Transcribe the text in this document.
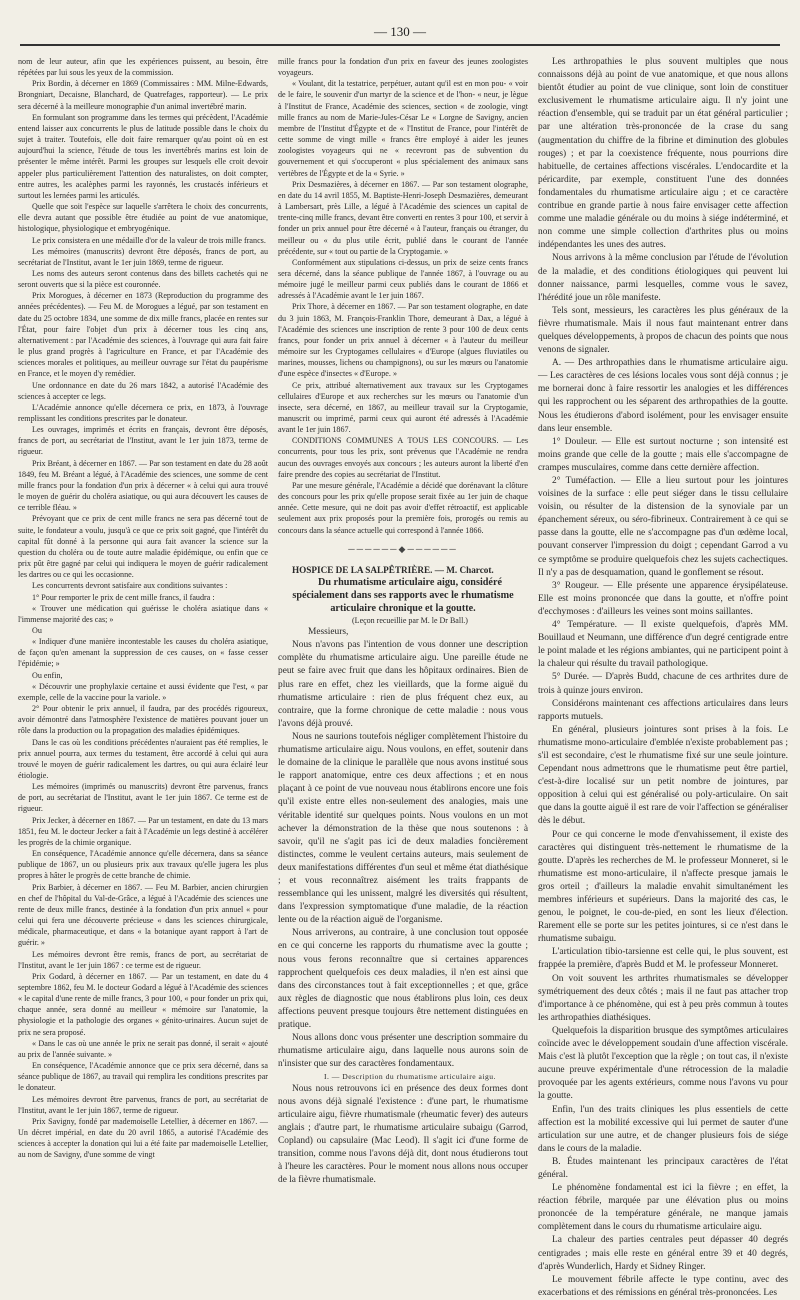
— 130 —

nom de leur auteur, afin que les expériences puissent, au besoin, être répétées par lui sous les yeux de la commission.

Prix Bordin, à décerner en 1869 (Commissaires : MM. Milne-Edwards, Brongniart, Decaisne, Blanchard, de Quatrefages, rapporteur). — Le prix sera décerné à la meilleure monographie d'un animal invertébré marin.

En formulant son programme dans les termes qui précèdent, l'Académie entend laisser aux concurrents le plus de latitude possible dans le choix du sujet à traiter. Toutefois, elle doit faire remarquer qu'au point où en est aujourd'hui la science, l'étude de tous les invertébrés marins est loin de présenter le même intérêt. Parmi les groupes sur lesquels elle croit devoir appeler plus particulièrement l'attention des naturalistes, on doit compter, entre autres, les acalèphes parmi les rayonnés, les crustacés inférieurs et surtout les lernées parmi les articulés.

Quelle que soit l'espèce sur laquelle s'arrêtera le choix des concurrents, elle devra autant que possible être étudiée au point de vue anatomique, histologique, physiologique et embryogénique.

Le prix consistera en une médaille d'or de la valeur de trois mille francs.

Les mémoires (manuscrits) devront être déposés, francs de port, au secrétariat de l'Institut, avant le 1er juin 1869, terme de rigueur.

Les noms des auteurs seront contenus dans des billets cachetés qui ne seront ouverts que si la pièce est couronnée.

Prix Morogues, à décerner en 1873 (Reproduction du programme des années précédentes). — Feu M. de Morogues a légué, par son testament en date du 25 octobre 1834, une somme de dix mille francs, placée en rentes sur l'État, pour faire l'objet d'un prix à décerner tous les cinq ans, alternativement : par l'Académie des sciences, à l'ouvrage qui aura fait faire le plus grand progrès à l'agriculture en France, et par l'Académie des sciences morales et politiques, au meilleur ouvrage sur l'état du paupérisme en France, et le moyen d'y remédier.

Une ordonnance en date du 26 mars 1842, a autorisé l'Académie des sciences à accepter ce legs.

L'Académie annonce qu'elle décernera ce prix, en 1873, à l'ouvrage remplissant les conditions prescrites par le donateur.

Les ouvrages, imprimés et écrits en français, devront être déposés, francs de port, au secrétariat de l'Institut, avant le 1er juin 1873, terme de rigueur.

Prix Bréant, à décerner en 1867. — Par son testament en date du 28 août 1849, feu M. Bréant a légué, à l'Académie des sciences, une somme de cent mille francs pour la fondation d'un prix à décerner « à celui qui aura trouvé le moyen de guérir du choléra asiatique, ou qui aura découvert les causes de ce terrible fléau. »

Prévoyant que ce prix de cent mille francs ne sera pas décerné tout de suite, le fondateur a voulu, jusqu'à ce que ce prix soit gagné, que l'intérêt du capital fût donné à la personne qui aura fait avancer la science sur la question du choléra ou de toute autre maladie épidémique, ou enfin que ce prix pût être gagné par celui qui indiquera le moyen de guérir radicalement les dartres ou ce qui les occasionne.

Les concurrents devront satisfaire aux conditions suivantes :

1° Pour remporter le prix de cent mille francs, il faudra :

« Trouver une médication qui guérisse le choléra asiatique dans « l'immense majorité des cas; »

Ou

« Indiquer d'une manière incontestable les causes du choléra asiatique, de façon qu'en amenant la suppression de ces causes, on « fasse cesser l'épidémie; »

Ou enfin,

« Découvrir une prophylaxie certaine et aussi évidente que l'est, « par exemple, celle de la vaccine pour la variole. »

2° Pour obtenir le prix annuel, il faudra, par des procédés rigoureux, avoir démontré dans l'atmosphère l'existence de matières pouvant jouer un rôle dans la production ou la propagation des maladies épidémiques.

Dans le cas où les conditions précédentes n'auraient pas été remplies, le prix annuel pourra, aux termes du testament, être accordé à celui qui aura trouvé le moyen de guérir radicalement les dartres, ou qui aura éclairé leur étiologie.

Les mémoires (imprimés ou manuscrits) devront être parvenus, francs de port, au secrétariat de l'Institut, avant le 1er juin 1867. Ce terme est de rigueur.

Prix Jecker, à décerner en 1867. — Par un testament, en date du 13 mars 1851, feu M. le docteur Jecker a fait à l'Académie un legs destiné à accélérer les progrès de la chimie organique.

En conséquence, l'Académie annonce qu'elle décernera, dans sa séance publique de 1867, un ou plusieurs prix aux travaux qu'elle jugera les plus propres à hâter le progrès de cette branche de chimie.

Prix Barbier, à décerner en 1867. — Feu M. Barbier, ancien chirurgien en chef de l'hôpital du Val-de-Grâce, a légué à l'Académie des sciences une rente de deux mille francs, destinée à la fondation d'un prix annuel « pour celui qui fera une découverte précieuse « dans les sciences chirurgicale, médicale, pharmaceutique, et dans « la botanique ayant rapport à l'art de guérir. »

Les mémoires devront être remis, francs de port, au secrétariat de l'Institut, avant le 1er juin 1867 : ce terme est de rigueur.

Prix Godard, à décerner en 1867. — Par un testament, en date du 4 septembre 1862, feu M. le docteur Godard a légué à l'Académie des sciences « le capital d'une rente de mille francs, 3 pour 100, « pour fonder un prix qui, chaque année, sera donné au meilleur « mémoire sur l'anatomie, la physiologie et la pathologie des organes « génito-urinaires. Aucun sujet de prix ne sera proposé.

« Dans le cas où une année le prix ne serait pas donné, il serait « ajouté au prix de l'année suivante. »

En conséquence, l'Académie annonce que ce prix sera décerné, dans sa séance publique de 1867, au travail qui remplira les conditions prescrites par le donateur.

Les mémoires devront être parvenus, francs de port, au secrétariat de l'Institut, avant le 1er juin 1867, terme de rigueur.

Prix Savigny, fondé par mademoiselle Letellier, à décerner en 1867. — Un décret impérial, en date du 20 avril 1865, a autorisé l'Académie des sciences à accepter la donation qui lui a été faite par mademoiselle Letellier, au nom de Savigny, d'une somme de vingt

mille francs pour la fondation d'un prix en faveur des jeunes zoologistes voyageurs.

« Voulant, dit la testatrice, perpétuer, autant qu'il est en mon pou- « voir de le faire, le souvenir d'un martyr de la science et de l'hon- « neur, je lègue à l'Institut de France, Académie des sciences, section « de zoologie, vingt mille francs au nom de Marie-Jules-César Le « Lorgne de Savigny, ancien membre de l'Institut d'Égypte et de « l'Institut de France, pour l'intérêt de cette somme de vingt mille « francs être employé à aider les jeunes zoologistes voyageurs qui ne « recevront pas de subvention du gouvernement et qui s'occuperont « plus spécialement des animaux sans vertèbres de l'Égypte et de la « Syrie. »

Prix Desmazières, à décerner en 1867. — Par son testament olographe, en date du 14 avril 1855, M. Baptiste-Henri-Joseph Desmazières, demeurant à Lambersart, près Lille, a légué à l'Académie des sciences un capital de trente-cinq mille francs, devant être converti en rentes 3 pour 100, et servir à fonder un prix annuel pour être décerné « à l'auteur, français ou étranger, du meilleur ou « du plus utile écrit, publié dans le courant de l'année précédente, sur « tout ou partie de la Cryptogamie. »

Conformément aux stipulations ci-dessus, un prix de seize cents francs sera décerné, dans la séance publique de l'année 1867, à l'ouvrage ou au mémoire jugé le meilleur parmi ceux publiés dans le courant de 1866 et adressés à l'Académie avant le 1er juin 1867.

Prix Thore, à décerner en 1867. — Par son testament olographe, en date du 3 juin 1863, M. François-Franklin Thore, demeurant à Dax, a légué à l'Académie des sciences une inscription de rente 3 pour 100 de deux cents francs, pour fonder un prix annuel à décerner « à l'auteur du meilleur mémoire sur les Cryptogames cellulaires « d'Europe (algues fluviatiles ou marines, mousses, lichens ou champignons), ou sur les mœurs ou l'anatomie d'une espèce d'insectes « d'Europe. »

Ce prix, attribué alternativement aux travaux sur les Cryptogames cellulaires d'Europe et aux recherches sur les mœurs ou l'anatomie d'un insecte, sera décerné, en 1867, au meilleur travail sur la Cryptogamie, manuscrit ou imprimé, parmi ceux qui auront été adressés à l'Académie avant le 1er juin 1867.

CONDITIONS COMMUNES A TOUS LES CONCOURS. — Les concurrents, pour tous les prix, sont prévenus que l'Académie ne rendra aucun des ouvrages envoyés aux concours ; les auteurs auront la liberté d'en faire prendre des copies au secrétariat de l'Institut.

Par une mesure générale, l'Académie a décidé que dorénavant la clôture des concours pour les prix qu'elle propose serait fixée au 1er juin de chaque année. Cette mesure, qui ne doit pas avoir d'effet rétroactif, est applicable seulement aux prix proposés pour la première fois, prorogés ou remis au concours dans la séance actuelle qui correspond à l'année 1866.

──────◆──────

HOSPICE DE LA SALPÊTRIÈRE. — M. Charcot.

Du rhumatisme articulaire aigu, considéré spécialement dans ses rapports avec le rhumatisme articulaire chronique et la goutte.

(Leçon recueillie par M. le Dr Ball.)

Messieurs,

Nous n'avons pas l'intention de vous donner une description complète du rhumatisme articulaire aigu. Une pareille étude ne peut se faire avec fruit que dans les hôpitaux ordinaires. Bien de plus rare en effet, chez les vieillards, que la forme aiguë du rhumatisme articulaire : rien de plus fréquent chez eux, au contraire, que la forme chronique de cette maladie : nous vous l'avons déjà prouvé.

Nous ne saurions toutefois négliger complètement l'histoire du rhumatisme articulaire aigu. Nous voulons, en effet, soutenir dans le domaine de la clinique le parallèle que nous avons institué sous le rapport anatomique, entre ces deux affections ; et en nous plaçant à ce point de vue nouveau nous établirons encore une fois qu'il existe entre elles non-seulement des analogies, mais une véritable identité sur quelques points. Nous voulons en un mot achever la démonstration de la thèse que nous soutenons : à savoir, qu'il ne s'agit pas ici de deux maladies foncièrement distinctes, comme le veulent certains auteurs, mais seulement de deux manifestations différentes d'un seul et même état diathésique ; et vous reconnaîtrez aisément les traits frappants de ressemblance qui les unissent, malgré les diversités qui résultent, dans l'expression symptomatique d'une maladie, de la réaction lente ou de la réaction aiguë de l'organisme.

Nous arriverons, au contraire, à une conclusion tout opposée en ce qui concerne les rapports du rhumatisme avec la goutte ; nous vous ferons reconnaître que si certaines apparences rapprochent quelquefois ces deux maladies, il n'en est ainsi que dans des circonstances tout à fait exceptionnelles ; et que, grâce aux règles de diagnostic que nous établirons plus loin, ces deux affections peuvent presque toujours être nettement distinguées en pratique.

Nous allons donc vous présenter une description sommaire du rhumatisme articulaire aigu, dans laquelle nous aurons soin de n'insister que sur des caractères fondamentaux.

I. — Description du rhumatisme articulaire aigu.

Nous nous retrouvons ici en présence des deux formes dont nous avons déjà signalé l'existence : d'une part, le rhumatisme articulaire aigu, fièvre rhumatismale (rheumatic fever) des auteurs anglais ; d'autre part, le rhumatisme articulaire subaigu (Garrod, Copland) ou capsulaire (Mac Leod). Il s'agit ici d'une forme de transition, comme nous l'avons déjà dit, dont nous étudierons tout à l'heure les caractères. Pour le moment nous allons nous occuper de la fièvre rhumatismale.

Les arthropathies le plus souvent multiples que nous connaissons déjà au point de vue anatomique, et que nous allons bientôt étudier au point de vue clinique, sont loin de constituer exclusivement le rhumatisme articulaire aigu. Il n'y joint une réaction d'ensemble, qui se traduit par un état général particulier ; par une altération très-prononcée de la crase du sang (augmentation du chiffre de la fibrine et diminution des globules rouges) ; et par la coexistence fréquente, nous pourrions dire habituelle, de certaines affections viscérales. L'endocardite et la péricardite, par exemple, constituent l'une des données fondamentales du rhumatisme articulaire aigu ; et ce caractère contribue en grande partie à nous faire envisager cette affection comme une maladie générale ou du moins à siége indéterminé, et non comme une simple collection d'arthrites plus ou moins indépendantes les unes des autres.

Nous arrivons à la même conclusion par l'étude de l'évolution de la maladie, et des conditions étiologiques qui peuvent lui donner naissance, parmi lesquelles, comme vous le savez, l'hérédité joue un rôle manifeste.

Tels sont, messieurs, les caractères les plus généraux de la fièvre rhumatismale. Mais il nous faut maintenant entrer dans quelques développements, à propos de chacun des points que nous venons de signaler.

A. — Des arthropathies dans le rhumatisme articulaire aigu. — Les caractères de ces lésions locales vous sont déjà connus ; je me bornerai donc à faire ressortir les analogies et les différences qui les rapprochent ou les séparent des arthropathies de la goutte. Nous les étudierons d'abord isolément, pour les envisager ensuite dans leur ensemble.

1° Douleur. — Elle est surtout nocturne ; son intensité est moins grande que celle de la goutte ; mais elle s'accompagne de crampes musculaires, comme dans cette dernière affection.

2° Tuméfaction. — Elle a lieu surtout pour les jointures voisines de la surface : elle peut siéger dans le tissu cellulaire voisin, ou résulter de la distension de la synoviale par un épanchement séreux, ou séro-fibrineux. Contrairement à ce qui se passe dans la goutte, elle ne s'accompagne pas d'un œdème local, pouvant conserver l'impression du doigt ; cependant Garrod a vu ce symptôme se produire quelquefois chez les sujets cachectiques. Il n'y a pas de desquamation, quand le gonflement se résout.

3° Rougeur. — Elle présente une apparence érysipélateuse. Elle est moins prononcée que dans la goutte, et n'offre point d'ecchymoses : d'ailleurs les veines sont moins saillantes.

4° Température. — Il existe quelquefois, d'après MM. Bouillaud et Neumann, une différence d'un degré centigrade entre le point malade et les régions ambiantes, qui ne participent point à la chaleur qui résulte du travail pathologique.

5° Durée. — D'après Budd, chacune de ces arthrites dure de trois à quinze jours environ.

Considérons maintenant ces affections articulaires dans leurs rapports mutuels.

En général, plusieurs jointures sont prises à la fois. Le rhumatisme mono-articulaire d'emblée n'existe probablement pas ; s'il est secondaire, c'est le rhumatisme fixé sur une seule jointure. Cependant nous admettrons que le rhumatisme peut être partiel, c'est-à-dire localisé sur un petit nombre de jointures, par opposition à celui qui est généralisé ou poly-articulaire. On sait que dans la goutte aiguë il est rare de voir l'affection se généraliser dès le début.

Pour ce qui concerne le mode d'envahissement, il existe des caractères qui distinguent très-nettement le rhumatisme de la goutte. D'après les recherches de M. le professeur Monneret, si le rhumatisme est mono-articulaire, il n'affecte presque jamais le gros orteil ; d'ailleurs la maladie envahit simultanément les membres inférieurs et supérieurs. Dans la majorité des cas, le genou, le poignet, le cou-de-pied, en sont les lieux d'élection. Rarement elle se porte sur les petites jointures, si ce n'est dans le rhumatisme subaigu.

L'articulation tibio-tarsienne est celle qui, le plus souvent, est frappée la première, d'après Budd et M. le professeur Monneret.

On voit souvent les arthrites rhumatismales se développer symétriquement des deux côtés ; mais il ne faut pas attacher trop d'importance à ce phénomène, qui est à peu près commun à toutes les arthropathies diathésiques.

Quelquefois la disparition brusque des symptômes articulaires coïncide avec le développement soudain d'une affection viscérale. Mais c'est là plutôt l'exception que la règle ; on tout cas, il n'existe aucune preuve expérimentale d'une rétrocession de la maladie provoquée par les agents extérieurs, comme nous l'avons vu pour la goutte.

Enfin, l'un des traits cliniques les plus essentiels de cette affection est la mobilité excessive qui lui permet de sauter d'une articulation sur une autre, et de changer plusieurs fois de siége dans le cours de la maladie.

B. Études maintenant les principaux caractères de l'état général.

Le phénomène fondamental est ici la fièvre ; en effet, la réaction fébrile, marquée par une élévation plus ou moins prononcée de la température générale, ne manque jamais complètement dans le cours du rhumatisme articulaire aigu.

La chaleur des parties centrales peut dépasser 40 degrés centigrades ; mais elle reste en général entre 39 et 40 degrés, d'après Wunderlich, Hardy et Sidney Ringer.

Le mouvement fébrile affecte le type continu, avec des exacerbations et des rémissions en général très-prononcées. Les
